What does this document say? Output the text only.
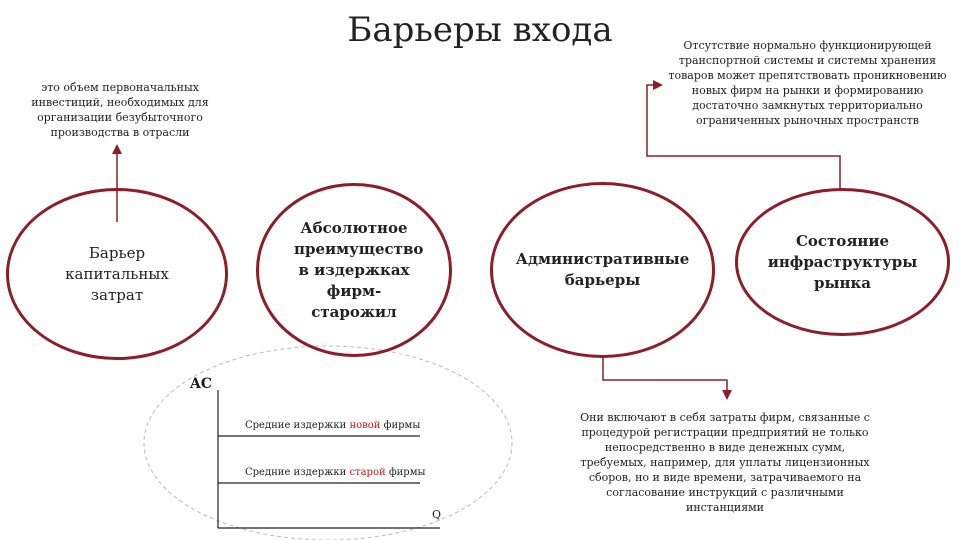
Барьеры входа
это объем первоначальных инвестиций, необходимых для организации безубыточного производства в отрасли
Отсутствие нормально функционирующей транспортной системы и системы хранения товаров может препятствовать проникновению новых фирм на рынки и формированию достаточно замкнутых территориально ограниченных рыночных пространств
Они включают в себя затраты фирм, связанные с процедурой регистрации предприятий не только непосредственно в виде денежных сумм, требуемых, например, для уплаты лицензионных сборов, но и виде времени, затрачиваемого на согласование инструкций с различными инстанциями
Барьер капитальных затрат
Абсолютное преимущество в издержках фирм-старожил
Административные барьеры
Состояние инфраструктуры рынка
AC
Q
Средние издержки новой фирмы
Средние издержки старой фирмы
